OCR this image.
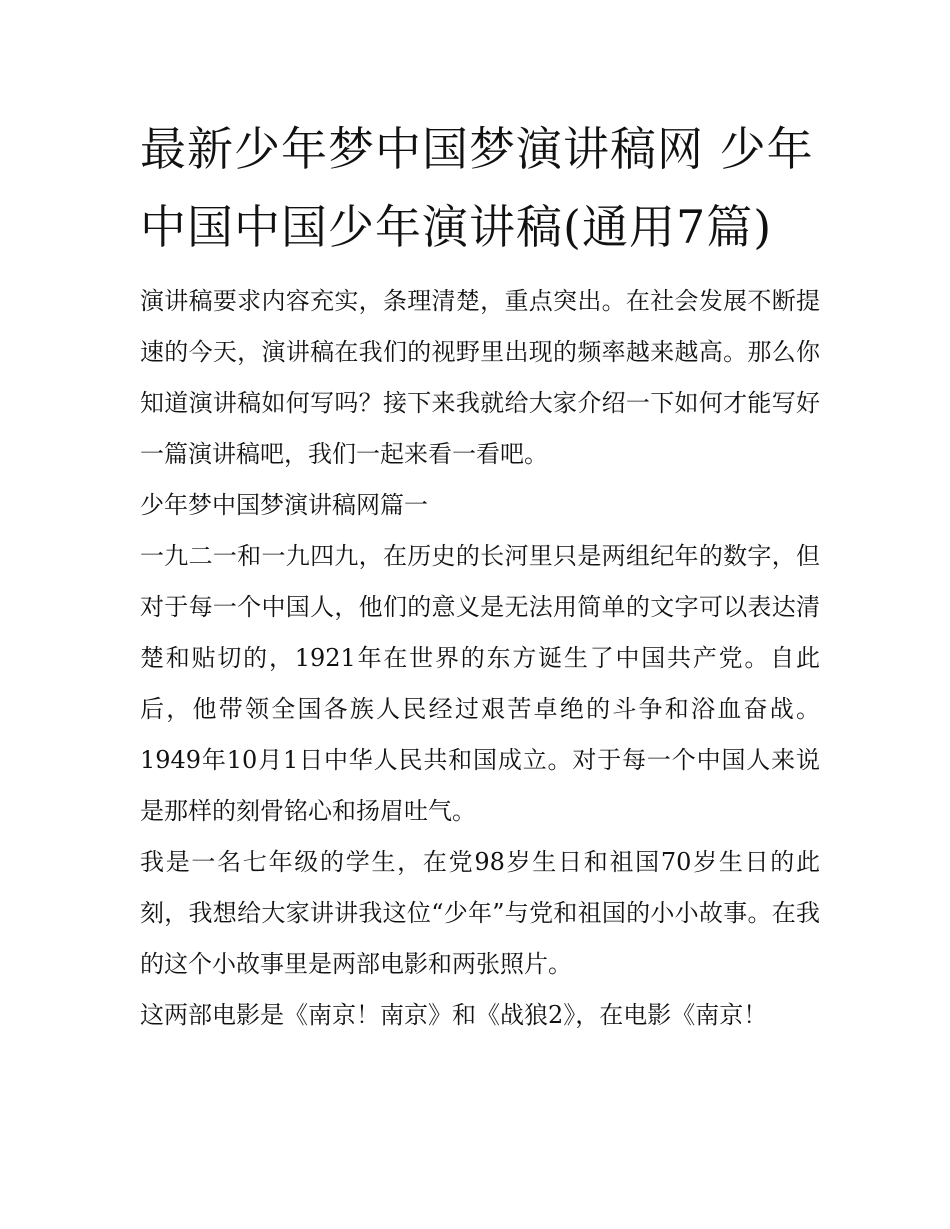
最新少年梦中国梦演讲稿网 少年中国中国少年演讲稿(通用7篇)

演讲稿要求内容充实，条理清楚，重点突出。在社会发展不断提速的今天，演讲稿在我们的视野里出现的频率越来越高。那么你知道演讲稿如何写吗？接下来我就给大家介绍一下如何才能写好一篇演讲稿吧，我们一起来看一看吧。

少年梦中国梦演讲稿网篇一

一九二一和一九四九，在历史的长河里只是两组纪年的数字，但对于每一个中国人，他们的意义是无法用简单的文字可以表达清楚和贴切的，1921年在世界的东方诞生了中国共产党。自此后，他带领全国各族人民经过艰苦卓绝的斗争和浴血奋战。1949年10月1日中华人民共和国成立。对于每一个中国人来说是那样的刻骨铭心和扬眉吐气。

我是一名七年级的学生，在党98岁生日和祖国70岁生日的此刻，我想给大家讲讲我这位“少年”与党和祖国的小小故事。在我的这个小故事里是两部电影和两张照片。

这两部电影是《南京！南京》和《战狼2》，在电影《南京！
